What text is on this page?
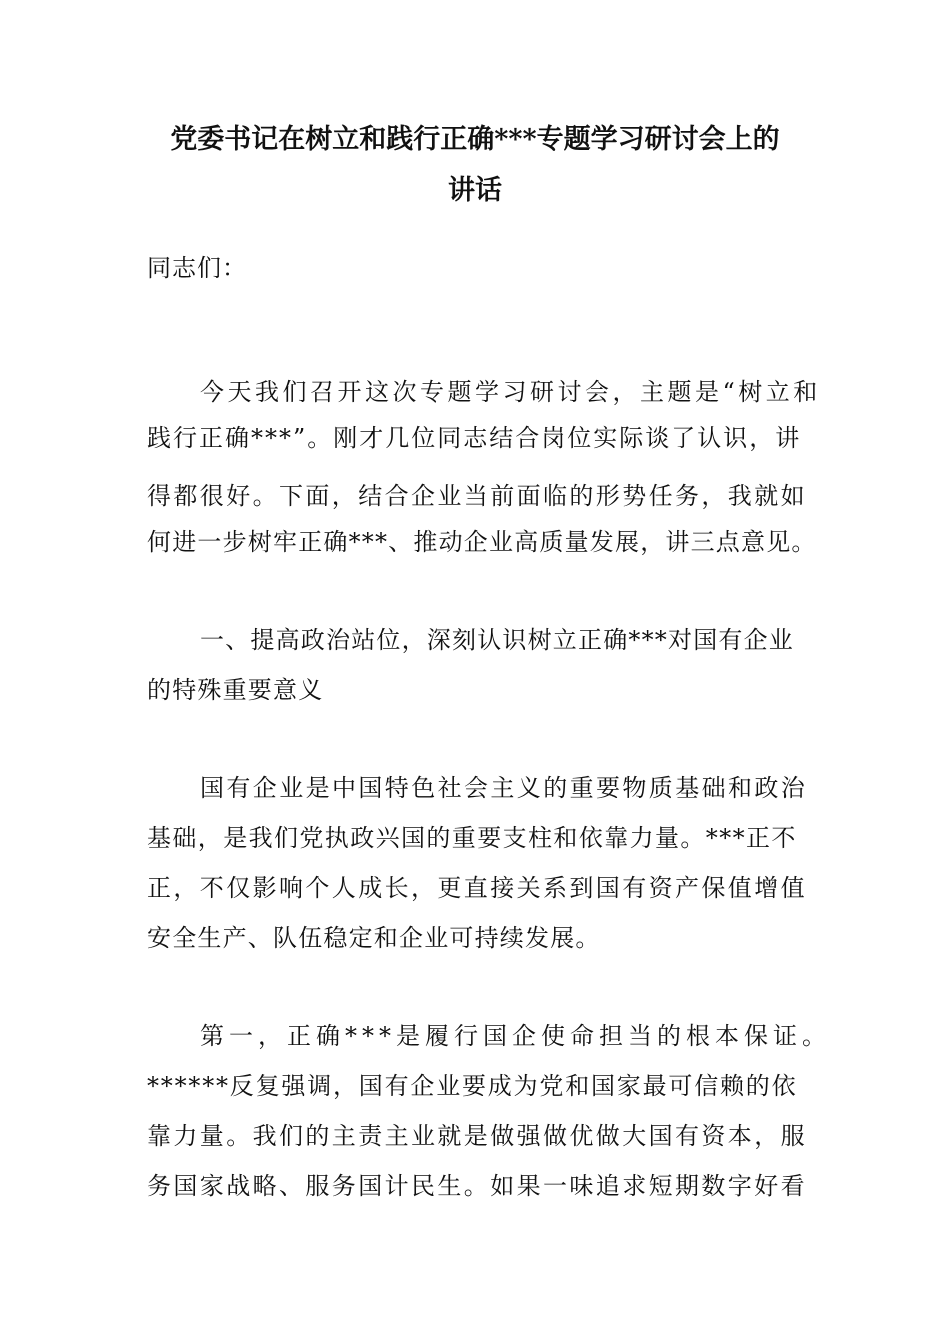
党委书记在树立和践行正确***专题学习研讨会上的
讲话
同志们：
今天我们召开这次专题学习研讨会，主题是“树立和
践行正确***”。刚才几位同志结合岗位实际谈了认识，讲
得都很好。下面，结合企业当前面临的形势任务，我就如
何进一步树牢正确***、推动企业高质量发展，讲三点意见。
一、提高政治站位，深刻认识树立正确***对国有企业
的特殊重要意义
国有企业是中国特色社会主义的重要物质基础和政治
基础，是我们党执政兴国的重要支柱和依靠力量。***正不
正，不仅影响个人成长，更直接关系到国有资产保值增值
安全生产、队伍稳定和企业可持续发展。
第一，正确***是履行国企使命担当的根本保证。
******反复强调，国有企业要成为党和国家最可信赖的依
靠力量。我们的主责主业就是做强做优做大国有资本，服
务国家战略、服务国计民生。如果一味追求短期数字好看
